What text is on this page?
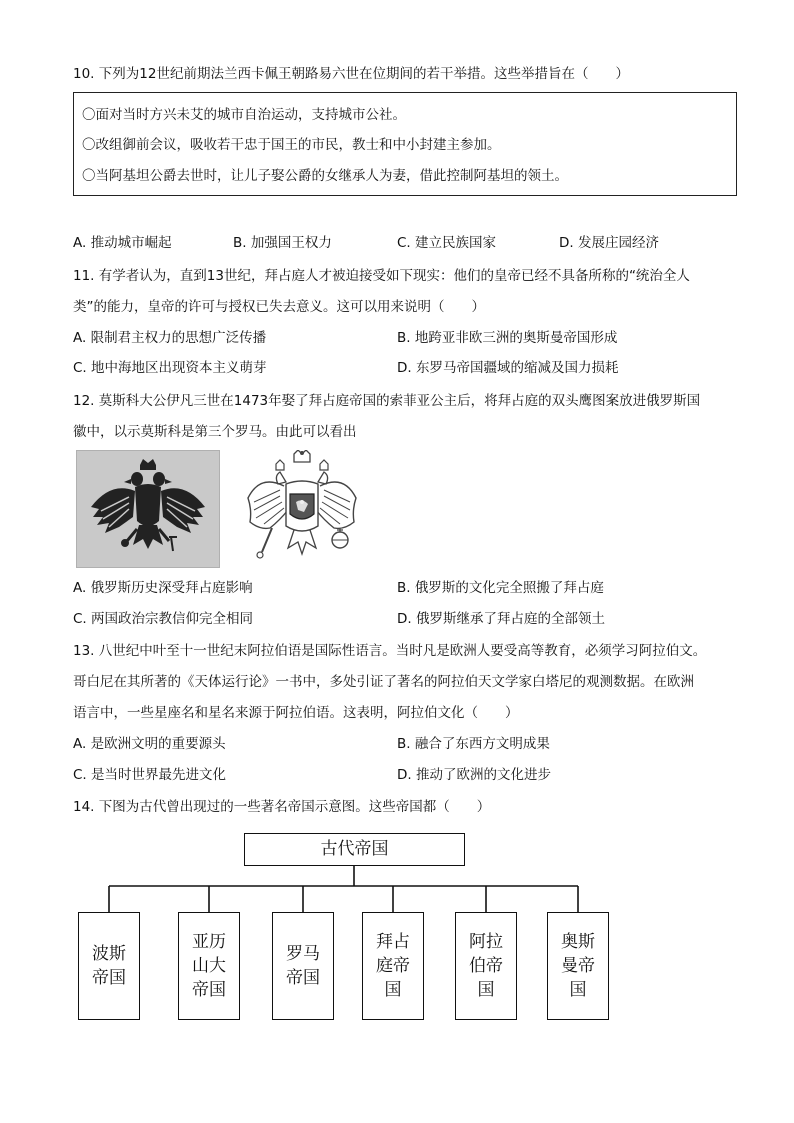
10. 下列为12世纪前期法兰西卡佩王朝路易六世在位期间的若干举措。这些举措旨在（　　）
〇面对当时方兴未艾的城市自治运动，支持城市公社。
〇改组御前会议，吸收若干忠于国王的市民，教士和中小封建主参加。
〇当阿基坦公爵去世时，让儿子娶公爵的女继承人为妻，借此控制阿基坦的领土。
A. 推动城市崛起	B. 加强国王权力	C. 建立民族国家	D. 发展庄园经济
11. 有学者认为，直到13世纪，拜占庭人才被迫接受如下现实：他们的皇帝已经不具备所称的“统治全人
类”的能力，皇帝的许可与授权已失去意义。这可以用来说明（　　）
A. 限制君主权力的思想广泛传播	B. 地跨亚非欧三洲的奥斯曼帝国形成
C. 地中海地区出现资本主义萌芽	D. 东罗马帝国疆域的缩减及国力损耗
12. 莫斯科大公伊凡三世在1473年娶了拜占庭帝国的索菲亚公主后，将拜占庭的双头鹰图案放进俄罗斯国
徽中，以示莫斯科是第三个罗马。由此可以看出
A. 俄罗斯历史深受拜占庭影响	B. 俄罗斯的文化完全照搬了拜占庭
C. 两国政治宗教信仰完全相同	D. 俄罗斯继承了拜占庭的全部领土
13. 八世纪中叶至十一世纪末阿拉伯语是国际性语言。当时凡是欧洲人要受高等教育，必须学习阿拉伯文。
哥白尼在其所著的《天体运行论》一书中，多处引证了著名的阿拉伯天文学家白塔尼的观测数据。在欧洲
语言中，一些星座名和星名来源于阿拉伯语。这表明，阿拉伯文化（　　）
A. 是欧洲文明的重要源头	B. 融合了东西方文明成果
C. 是当时世界最先进文化	D. 推动了欧洲的文化进步
14. 下图为古代曾出现过的一些著名帝国示意图。这些帝国都（　　）
古代帝国
波斯
帝国
亚历
山大
帝国
罗马
帝国
拜占
庭帝
国
阿拉
伯帝
国
奥斯
曼帝
国
